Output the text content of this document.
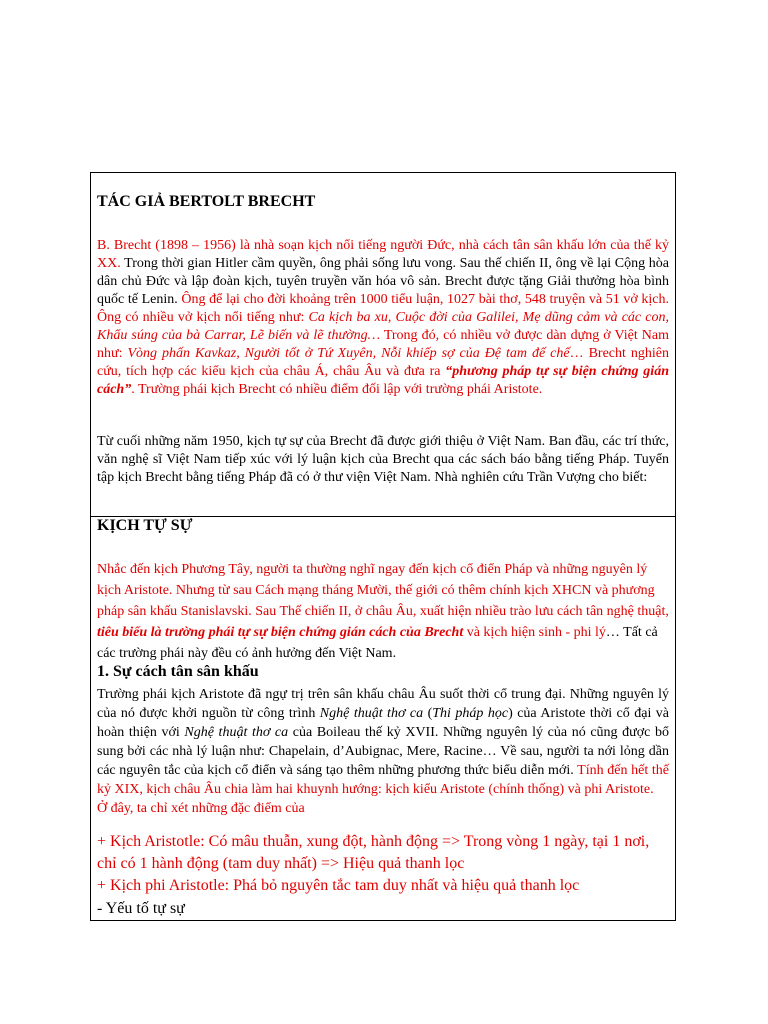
TÁC GIẢ BERTOLT BRECHT
B. Brecht (1898 – 1956) là nhà soạn kịch nổi tiếng người Đức, nhà cách tân sân khấu lớn của thế kỷ XX. Trong thời gian Hitler cầm quyền, ông phải sống lưu vong. Sau thế chiến II, ông về lại Cộng hòa dân chủ Đức và lập đoàn kịch, tuyên truyền văn hóa vô sản. Brecht được tặng Giải thưởng hòa bình quốc tế Lenin. Ông để lại cho đời khoảng trên 1000 tiểu luận, 1027 bài thơ, 548 truyện và 51 vở kịch. Ông có nhiều vở kịch nổi tiếng như: Ca kịch ba xu, Cuộc đời của Galilei, Mẹ dũng cảm và các con, Khẩu súng của bà Carrar, Lẽ biến và lẽ thường… Trong đó, có nhiều vở được dàn dựng ở Việt Nam như: Vòng phấn Kavkaz, Người tốt ở Tứ Xuyên, Nỗi khiếp sợ của Đệ tam đế chế… Brecht nghiên cứu, tích hợp các kiểu kịch của châu Á, châu Âu và đưa ra “phương pháp tự sự biện chứng gián cách”. Trường phái kịch Brecht có nhiều điểm đối lập với trường phái Aristote.
Từ cuối những năm 1950, kịch tự sự của Brecht đã được giới thiệu ở Việt Nam. Ban đầu, các trí thức, văn nghệ sĩ Việt Nam tiếp xúc với lý luận kịch của Brecht qua các sách báo bằng tiếng Pháp. Tuyển tập kịch Brecht bằng tiếng Pháp đã có ở thư viện Việt Nam. Nhà nghiên cứu Trần Vượng cho biết:
KỊCH TỰ SỰ
Nhắc đến kịch Phương Tây, người ta thường nghĩ ngay đến kịch cổ điển Pháp và những nguyên lý kịch Aristote. Nhưng từ sau Cách mạng tháng Mười, thế giới có thêm chính kịch XHCN và phương pháp sân khấu Stanislavski. Sau Thế chiến II, ở châu Âu, xuất hiện nhiều trào lưu cách tân nghệ thuật, tiêu biểu là trường phái tự sự biện chứng gián cách của Brecht và kịch hiện sinh - phi lý… Tất cả các trường phái này đều có ảnh hưởng đến Việt Nam.
1. Sự cách tân sân khấu
Trường phái kịch Aristote đã ngự trị trên sân khấu châu Âu suốt thời cổ trung đại. Những nguyên lý của nó được khởi nguồn từ công trình Nghệ thuật thơ ca (Thi pháp học) của Aristote thời cổ đại và hoàn thiện với Nghệ thuật thơ ca của Boileau thế kỷ XVII. Những nguyên lý của nó cũng được bổ sung bởi các nhà lý luận như: Chapelain, d’Aubignac, Mere, Racine… Về sau, người ta nới lỏng dần các nguyên tắc của kịch cổ điển và sáng tạo thêm những phương thức biểu diễn mới. Tính đến hết thế kỷ XIX, kịch châu Âu chia làm hai khuynh hướng: kịch kiểu Aristote (chính thống) và phi Aristote.
Ở đây, ta chỉ xét những đặc điểm của
+ Kịch Aristotle: Có mâu thuẫn, xung đột, hành động => Trong vòng 1 ngày, tại 1 nơi, chỉ có 1 hành động (tam duy nhất) => Hiệu quả thanh lọc
+ Kịch phi Aristotle: Phá bỏ nguyên tắc tam duy nhất và hiệu quả thanh lọc
- Yếu tố tự sự
